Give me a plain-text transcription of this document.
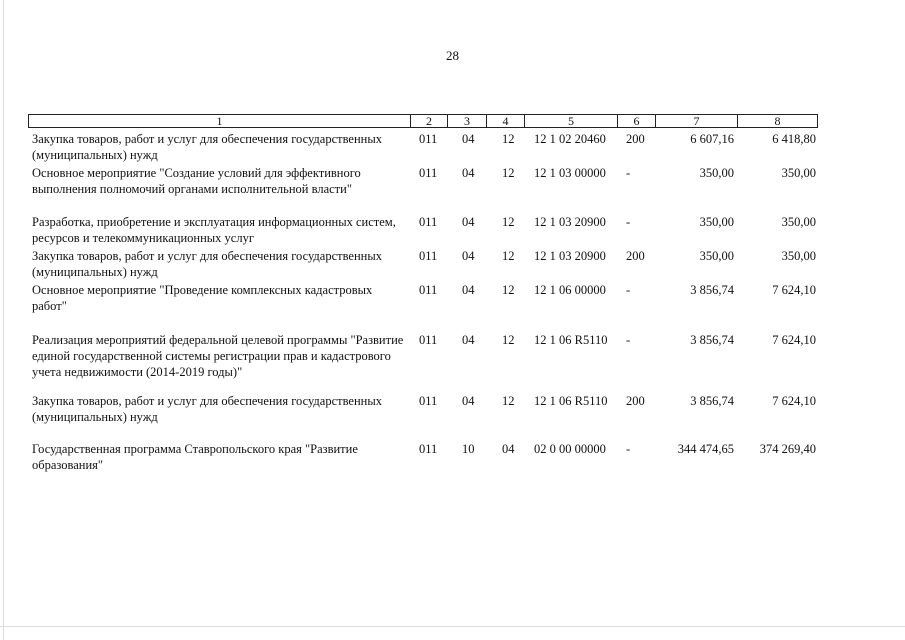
28
1	2	3	4	5	6	7	8
Закупка товаров, работ и услуг для обеспечения государственных (муниципальных) нужд
011	04	12	12 1 02 20460	200	6 607,16	6 418,80
Основное мероприятие "Создание условий для эффективного выполнения полномочий органами исполнительной власти"
011	04	12	12 1 03 00000	-	350,00	350,00
Разработка, приобретение и эксплуатация информационных систем, ресурсов и телекоммуникационных услуг
011	04	12	12 1 03 20900	-	350,00	350,00
Закупка товаров, работ и услуг для обеспечения государственных (муниципальных) нужд
011	04	12	12 1 03 20900	200	350,00	350,00
Основное мероприятие "Проведение комплексных кадастровых работ"
011	04	12	12 1 06 00000	-	3 856,74	7 624,10
Реализация мероприятий федеральной целевой программы "Развитие единой государственной системы регистрации прав и кадастрового учета недвижимости (2014-2019 годы)"
011	04	12	12 1 06 R5110	-	3 856,74	7 624,10
Закупка товаров, работ и услуг для обеспечения государственных (муниципальных) нужд
011	04	12	12 1 06 R5110	200	3 856,74	7 624,10
Государственная программа Ставропольского края "Развитие образования"
011	10	04	02 0 00 00000	-	344 474,65	374 269,40
